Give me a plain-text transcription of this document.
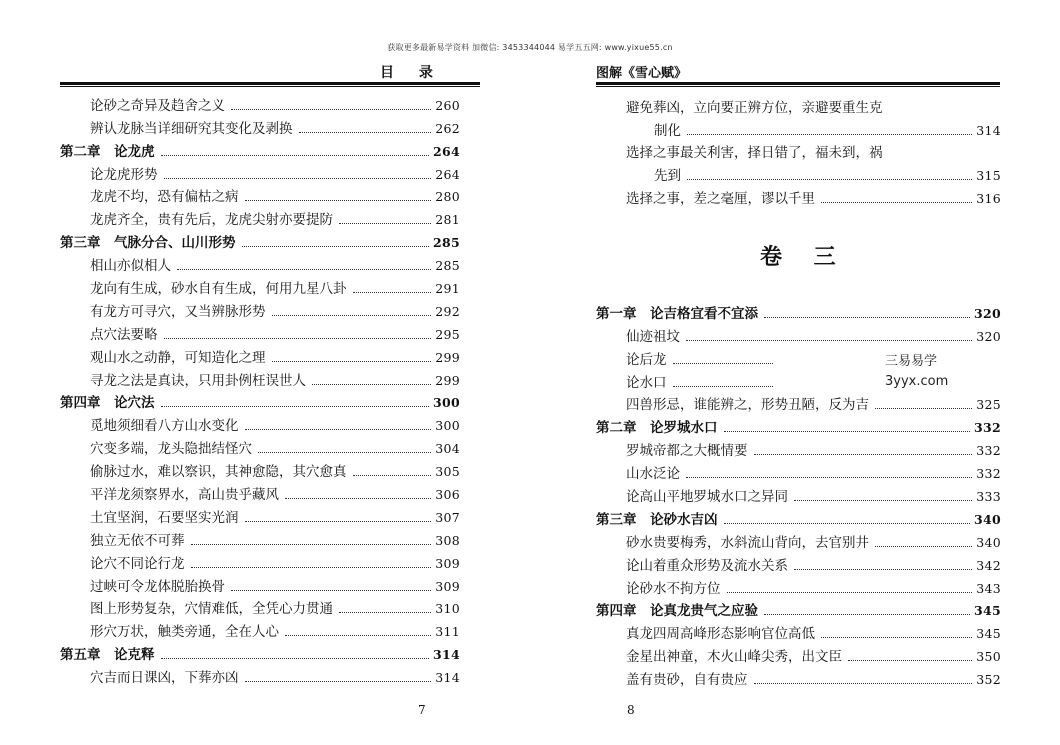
获取更多最新易学资料 加微信: 3453344044 易学五五网: www.yixue55.cn
目 录
论砂之奇异及趋舍之义	260
辨认龙脉当详细研究其变化及剥换	262
第二章　论龙虎	264
论龙虎形势	264
龙虎不均，恐有偏枯之病	280
龙虎齐全，贵有先后，龙虎尖射亦要提防	281
第三章　气脉分合、山川形势	285
相山亦似相人	285
龙向有生成，砂水自有生成，何用九星八卦	291
有龙方可寻穴，又当辨脉形势	292
点穴法要略	295
观山水之动静，可知造化之理	299
寻龙之法是真诀，只用卦例枉误世人	299
第四章　论穴法	300
觅地须细看八方山水变化	300
穴变多端，龙头隐拙结怪穴	304
偷脉过水，难以察识，其神愈隐，其穴愈真	305
平洋龙须察界水，高山贵乎藏风	306
土宜坚润，石要坚实光润	307
独立无依不可葬	308
论穴不同论行龙	309
过峡可令龙体脱胎换骨	309
图上形势复杂，穴情难低，全凭心力贯通	310
形穴万状，触类旁通，全在人心	311
第五章　论克释	314
穴吉而日课凶，下葬亦凶	314
7
图解《雪心赋》
避免葬凶，立向要正辨方位，亲避要重生克
制化	314
选择之事最关利害，择日错了，福未到，祸
先到	315
选择之事，差之毫厘，谬以千里	316
卷 三
第一章　论吉格宜看不宜添	320
仙迹祖坟	320
论后龙
论水口
四兽形忌，谁能辨之，形势丑陋，反为吉	325
第二章　论罗城水口	332
罗城帝都之大概情要	332
山水泛论	332
论高山平地罗城水口之异同	333
第三章　论砂水吉凶	340
砂水贵要梅秀，水斜流山背向，去官别井	340
论山着重众形势及流水关系	342
论砂水不拘方位	343
第四章　论真龙贵气之应验	345
真龙四周高峰形态影响官位高低	345
金星出神童，木火山峰尖秀，出文臣	350
盖有贵砂，自有贵应	352
三易易学
3yyx.com
8
